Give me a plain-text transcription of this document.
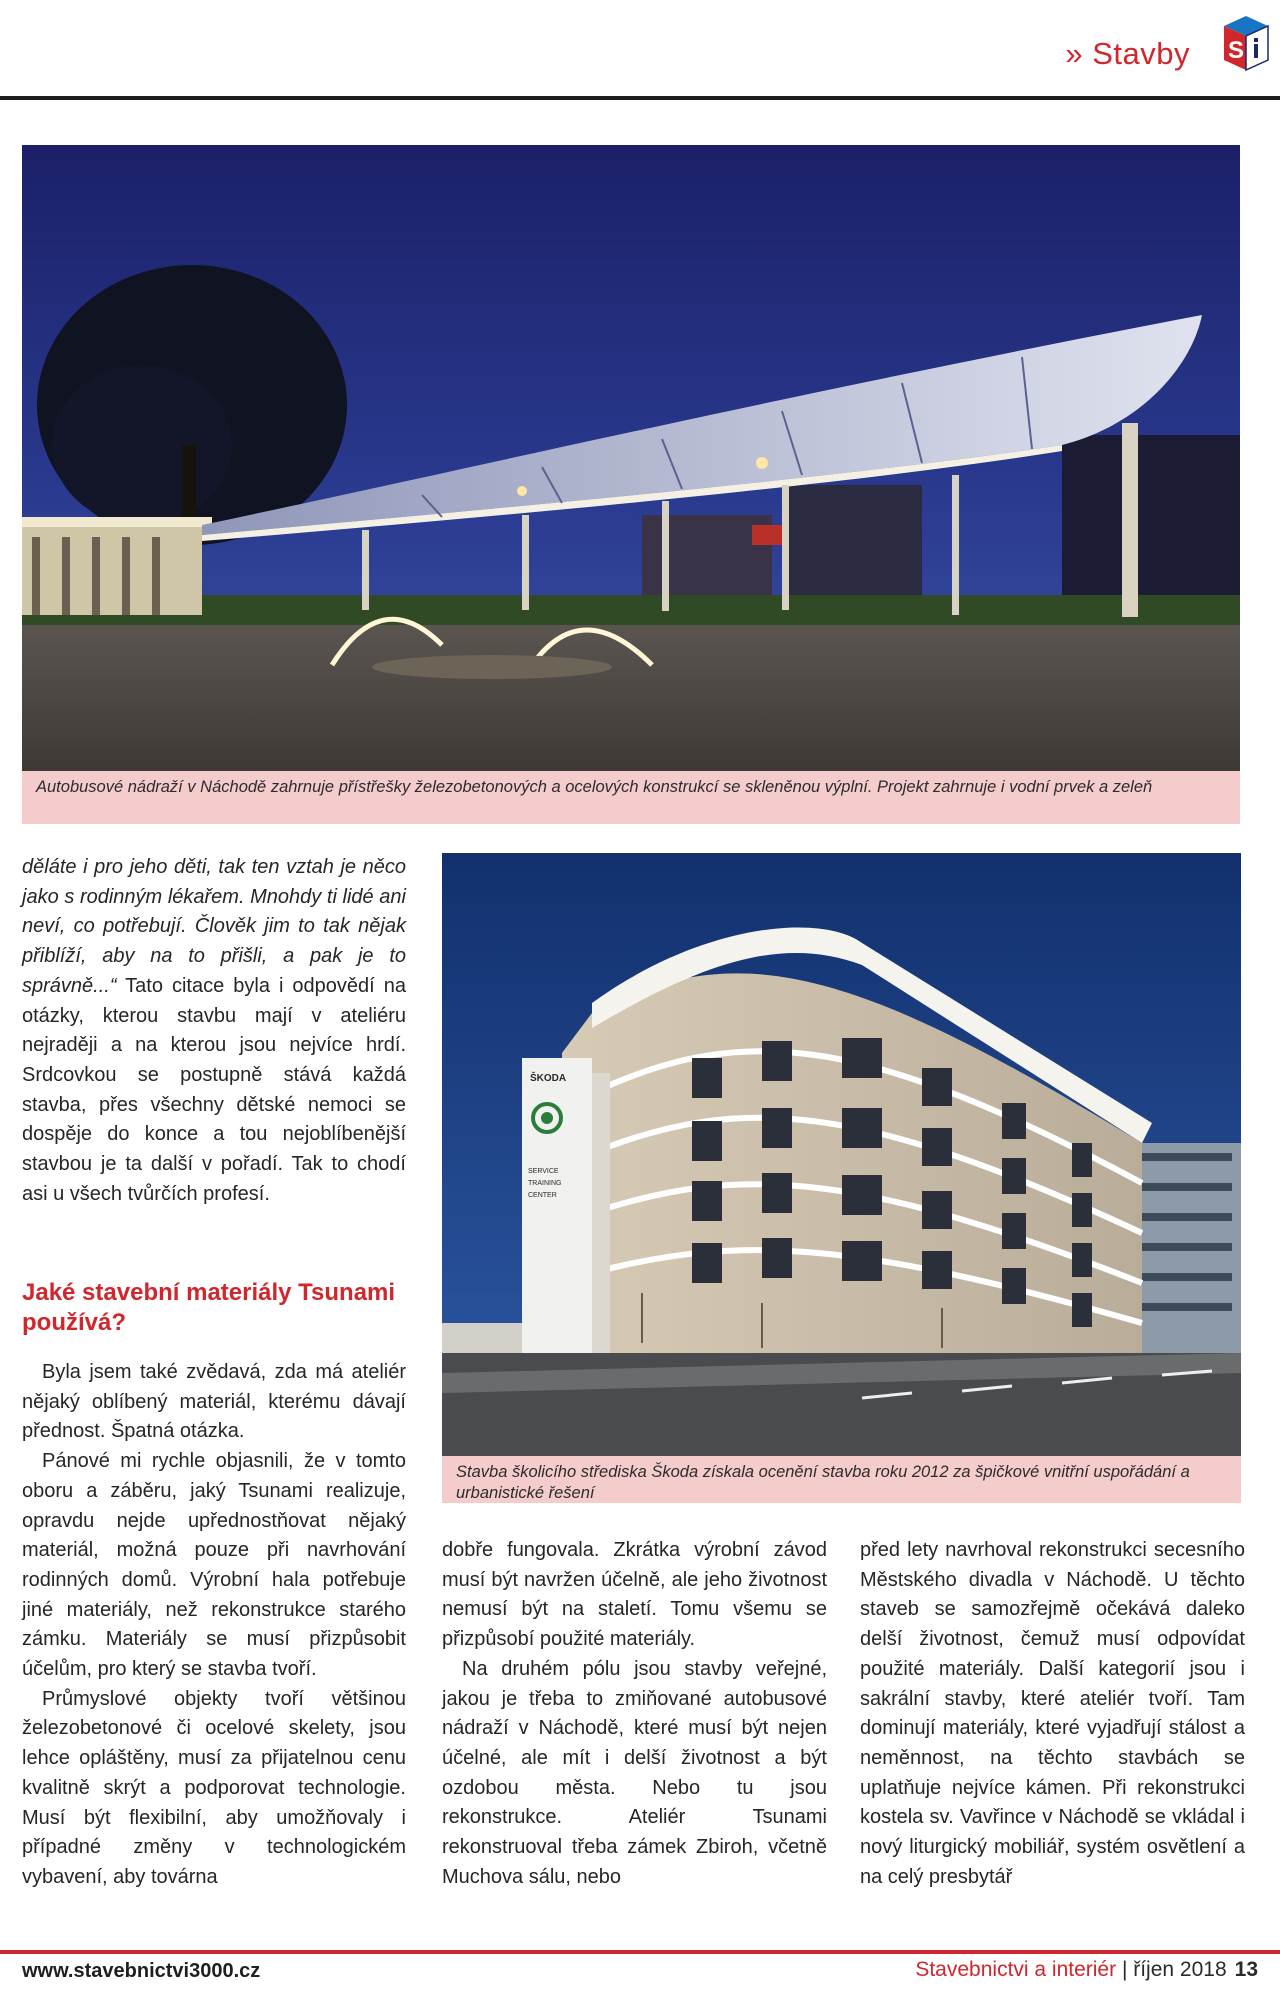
» Stavby S
Autobusové nádraží v Náchodě zahrnuje přístřešky železobetonových a ocelových konstrukcí se skleněnou výplní. Projekt zahrnuje i vodní prvek a zeleň

děláte i pro jeho děti, tak ten vztah je něco jako s rodinným lékařem. Mnohdy ti lidé ani neví, co potřebují. Člověk jim to tak nějak přiblíží, aby na to přišli, a pak je to správně...“ Tato citace byla i odpovědí na otázky, kterou stavbu mají v ateliéru nejraději a na kterou jsou nejvíce hrdí. Srdcovkou se postupně stává každá stavba, přes všechny dětské nemoci se dospěje do konce a tou nejoblíbenější stavbou je ta další v pořadí. Tak to chodí asi u všech tvůrčích profesí.

ŠKODA
SERVICE
TRAINING
CENTER
Stavba školicího střediska Škoda získala ocenění stavba roku 2012 za špičkové vnitřní uspořádání a urbanistické řešení
Jaké stavební materiály Tsunami používá?

Byla jsem také zvědavá, zda má ateliér nějaký oblíbený materiál, kterému dávají přednost. Špatná otázka.

Pánové mi rychle objasnili, že v tomto oboru a záběru, jaký Tsunami realizuje, opravdu nejde upřednostňovat nějaký materiál, možná pouze při navrhování rodinných domů. Výrobní hala potřebuje jiné materiály, než rekonstrukce starého zámku. Materiály se musí přizpůsobit účelům, pro který se stavba tvoří.

Průmyslové objekty tvoří většinou železobetonové či ocelové skelety, jsou lehce opláštěny, musí za přijatelnou cenu kvalitně skrýt a podporovat technologie. Musí být flexibilní, aby umožňovaly i případné změny v technologickém vybavení, aby továrna

dobře fungovala. Zkrátka výrobní závod musí být navržen účelně, ale jeho životnost nemusí být na staletí. Tomu všemu se přizpůsobí použité materiály.

Na druhém pólu jsou stavby veřejné, jakou je třeba to zmiňované autobusové nádraží v Náchodě, které musí být nejen účelné, ale mít i delší životnost a být ozdobou města. Nebo tu jsou rekonstrukce. Ateliér Tsunami rekonstruoval třeba zámek Zbiroh, včetně Muchova sálu, nebo

před lety navrhoval rekonstrukci secesního Městského divadla v Náchodě. U těchto staveb se samozřejmě očekává daleko delší životnost, čemuž musí odpovídat použité materiály. Další kategorií jsou i sakrální stavby, které ateliér tvoří. Tam dominují materiály, které vyjadřují stálost a neměnnost, na těchto stavbách se uplatňuje nejvíce kámen. Při rekonstrukci kostela sv. Vavřince v Náchodě se vkládal i nový liturgický mobiliář, systém osvětlení a na celý presbytář

www.stavebnictvi3000.cz	Stavebnictvi a interiér | říjen 2018 13
